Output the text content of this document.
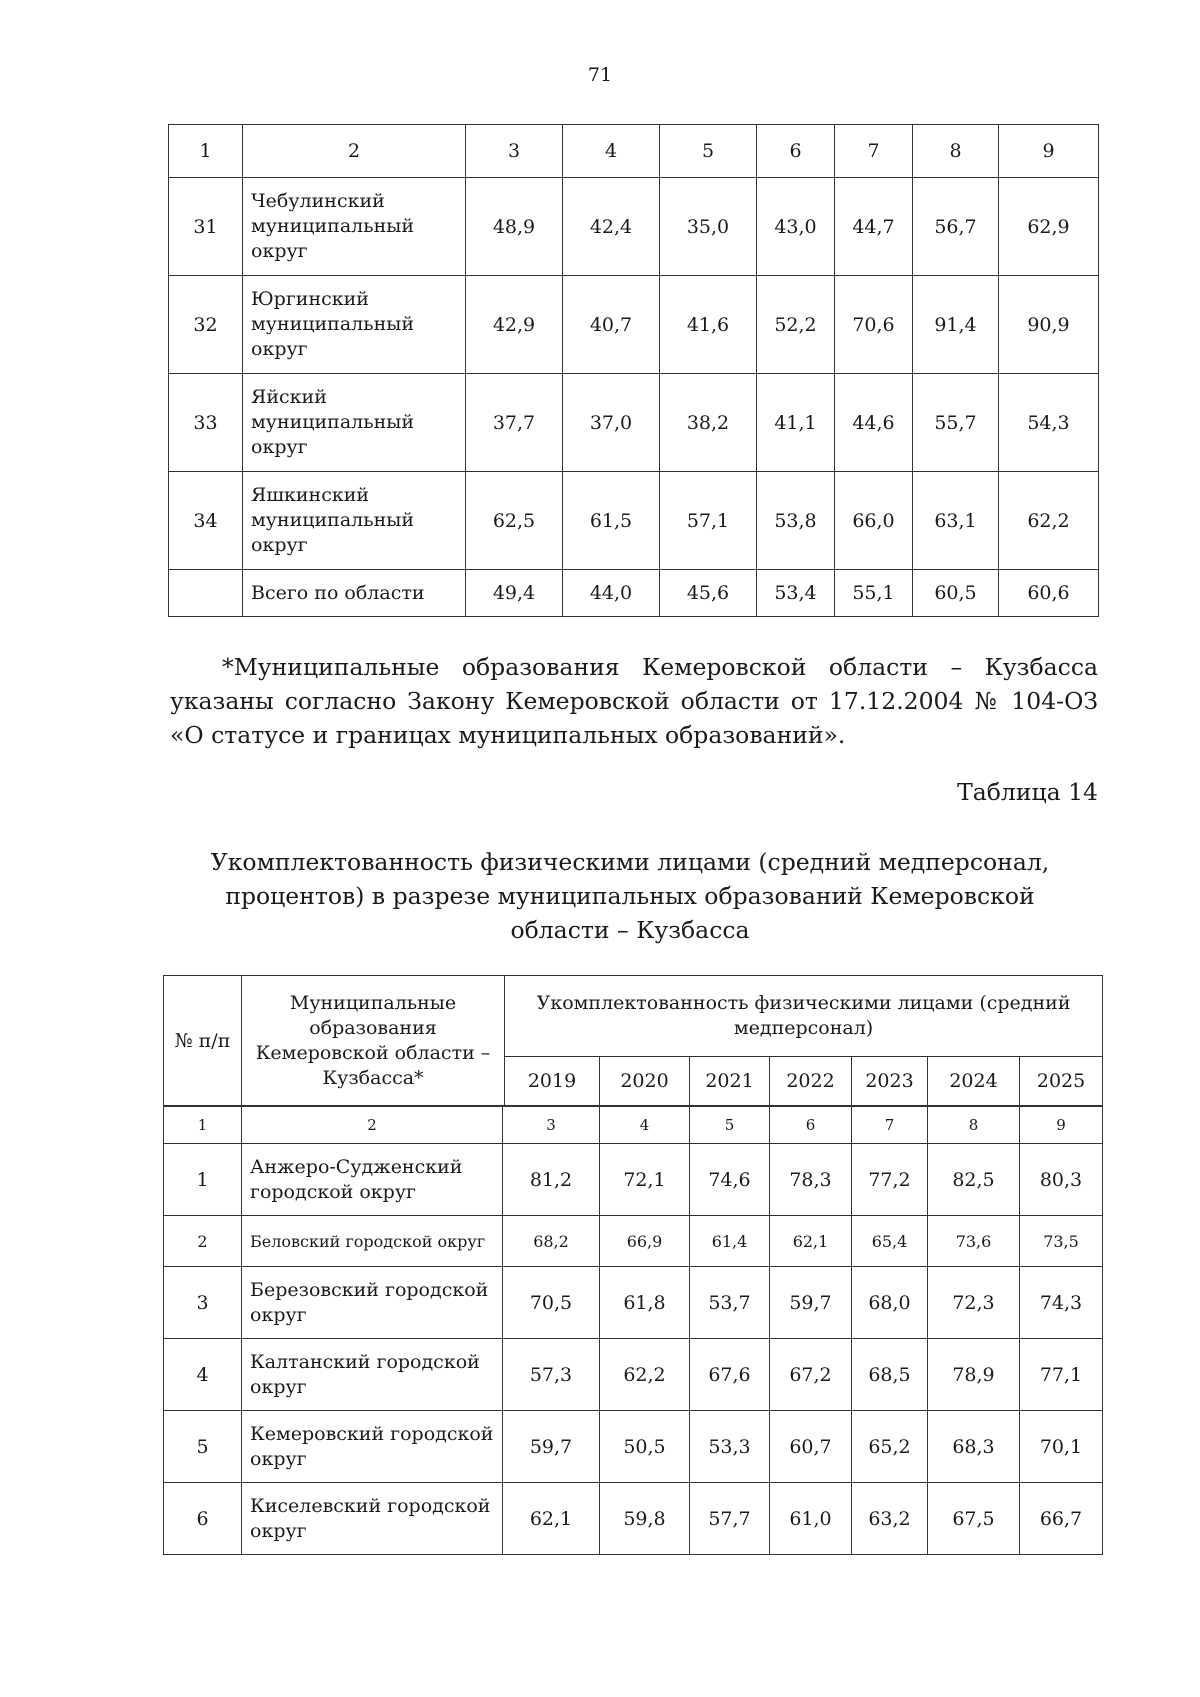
71
1	2	3	4	5	6	7	8	9
31	Чебулинский
муниципальный
округ	48,9	42,4	35,0	43,0	44,7	56,7	62,9
32	Юргинский
муниципальный
округ	42,9	40,7	41,6	52,2	70,6	91,4	90,9
33	Яйский
муниципальный
округ	37,7	37,0	38,2	41,1	44,6	55,7	54,3
34	Яшкинский
муниципальный
округ	62,5	61,5	57,1	53,8	66,0	63,1	62,2
	Всего по области	49,4	44,0	45,6	53,4	55,1	60,5	60,6
*Муниципальные образования Кемеровской области – Кузбасса указаны согласно Закону Кемеровской области от 17.12.2004 № 104-ОЗ «О статусе и границах муниципальных образований».
Таблица 14
Укомплектованность физическими лицами (средний медперсонал, процентов) в разрезе муниципальных образований Кемеровской области – Кузбасса
№ п/п	Муниципальные образования Кемеровской области – Кузбасса*	Укомплектованность физическими лицами (средний медперсонал)						
		2019	2020	2021	2022	2023	2024	2025
1	2	3	4	5	6	7	8	9
1	Анжеро-Судженский городской округ	81,2	72,1	74,6	78,3	77,2	82,5	80,3
2	Беловский городской округ	68,2	66,9	61,4	62,1	65,4	73,6	73,5
3	Березовский городской округ	70,5	61,8	53,7	59,7	68,0	72,3	74,3
4	Калтанский городской округ	57,3	62,2	67,6	67,2	68,5	78,9	77,1
5	Кемеровский городской округ	59,7	50,5	53,3	60,7	65,2	68,3	70,1
6	Киселевский городской округ	62,1	59,8	57,7	61,0	63,2	67,5	66,7
